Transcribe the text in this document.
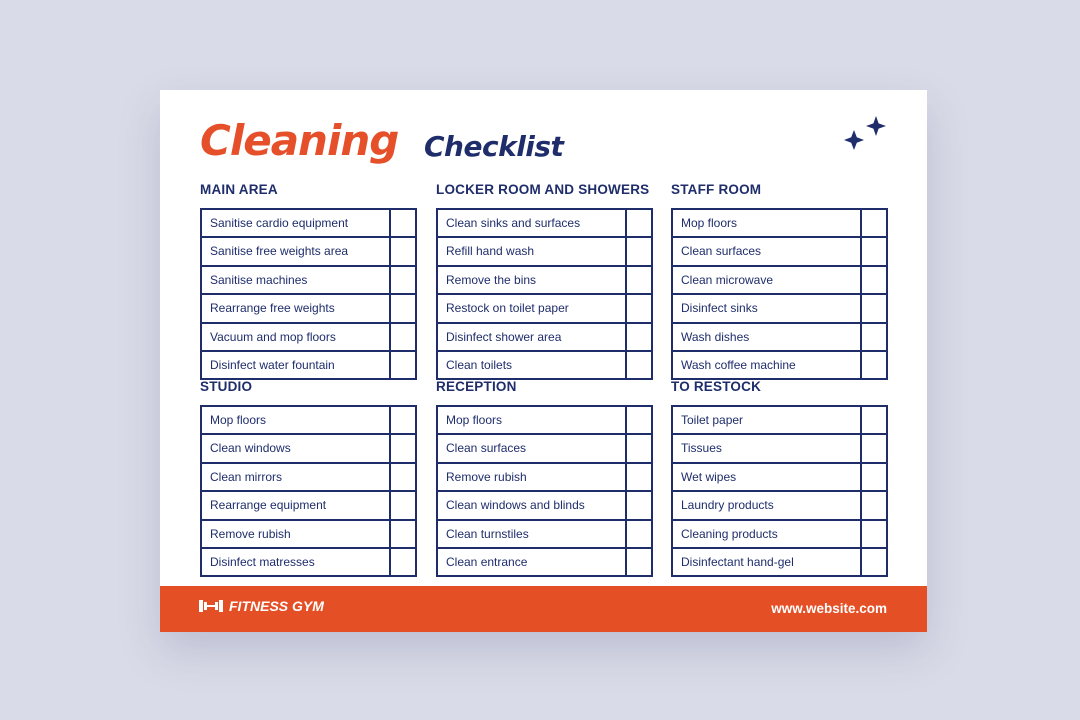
Cleaning Checklist
MAIN AREA
Sanitise cardio equipment
Sanitise free weights area
Sanitise machines
Rearrange free weights
Vacuum and mop floors
Disinfect water fountain
LOCKER ROOM AND SHOWERS
Clean sinks and surfaces
Refill hand wash
Remove the bins
Restock on toilet paper
Disinfect shower area
Clean toilets
STAFF ROOM
Mop floors
Clean surfaces
Clean microwave
Disinfect sinks
Wash dishes
Wash coffee machine
STUDIO
Mop floors
Clean windows
Clean mirrors
Rearrange equipment
Remove rubish
Disinfect matresses
RECEPTION
Mop floors
Clean surfaces
Remove rubish
Clean windows and blinds
Clean turnstiles
Clean entrance
TO RESTOCK
Toilet paper
Tissues
Wet wipes
Laundry products
Cleaning products
Disinfectant hand-gel
FITNESS GYM	www.website.com
